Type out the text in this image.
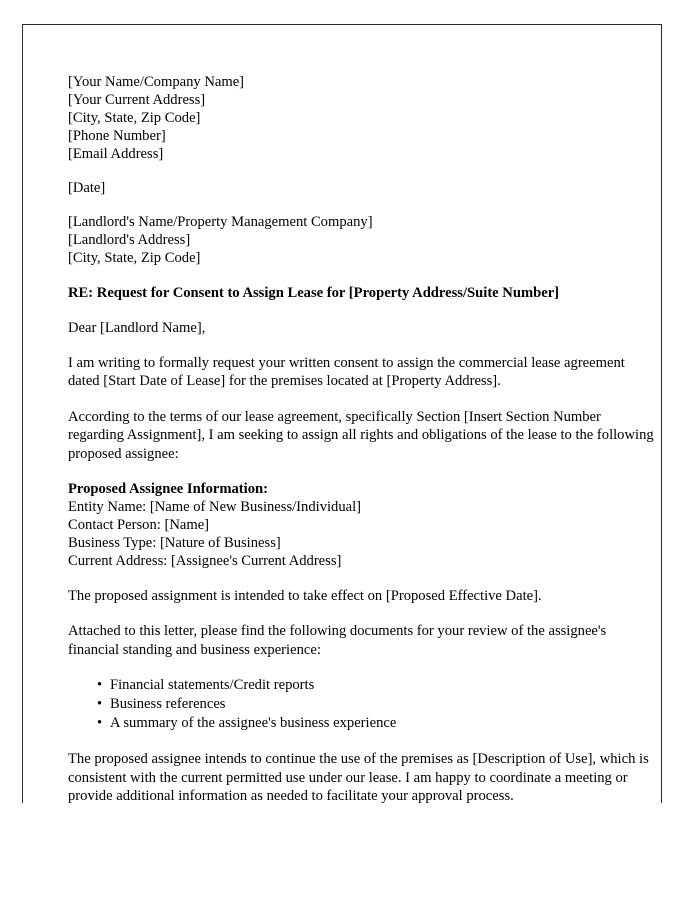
[Your Name/Company Name]
[Your Current Address]
[City, State, Zip Code]
[Phone Number]
[Email Address]
[Date]
[Landlord's Name/Property Management Company]
[Landlord's Address]
[City, State, Zip Code]
RE: Request for Consent to Assign Lease for [Property Address/Suite Number]
Dear [Landlord Name],

I am writing to formally request your written consent to assign the commercial lease agreement dated [Start Date of Lease] for the premises located at [Property Address].

According to the terms of our lease agreement, specifically Section [Insert Section Number regarding Assignment], I am seeking to assign all rights and obligations of the lease to the following proposed assignee:

Proposed Assignee Information:
Entity Name: [Name of New Business/Individual]
Contact Person: [Name]
Business Type: [Nature of Business]
Current Address: [Assignee's Current Address]

The proposed assignment is intended to take effect on [Proposed Effective Date].

Attached to this letter, please find the following documents for your review of the assignee's financial standing and business experience:

• Financial statements/Credit reports
• Business references
• A summary of the assignee's business experience

The proposed assignee intends to continue the use of the premises as [Description of Use], which is consistent with the current permitted use under our lease. I am happy to coordinate a meeting or provide additional information as needed to facilitate your approval process.
